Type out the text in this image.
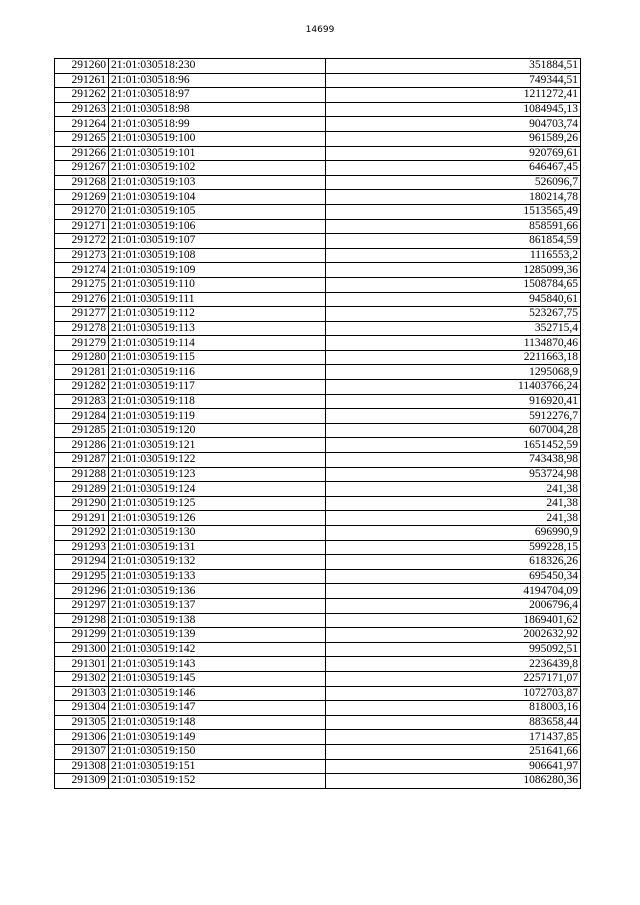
14699
291260	21:01:030518:230	351884,51
291261	21:01:030518:96	749344,51
291262	21:01:030518:97	1211272,41
291263	21:01:030518:98	1084945,13
291264	21:01:030518:99	904703,74
291265	21:01:030519:100	961589,26
291266	21:01:030519:101	920769,61
291267	21:01:030519:102	646467,45
291268	21:01:030519:103	526096,7
291269	21:01:030519:104	180214,78
291270	21:01:030519:105	1513565,49
291271	21:01:030519:106	858591,66
291272	21:01:030519:107	861854,59
291273	21:01:030519:108	1116553,2
291274	21:01:030519:109	1285099,36
291275	21:01:030519:110	1508784,65
291276	21:01:030519:111	945840,61
291277	21:01:030519:112	523267,75
291278	21:01:030519:113	352715,4
291279	21:01:030519:114	1134870,46
291280	21:01:030519:115	2211663,18
291281	21:01:030519:116	1295068,9
291282	21:01:030519:117	11403766,24
291283	21:01:030519:118	916920,41
291284	21:01:030519:119	5912276,7
291285	21:01:030519:120	607004,28
291286	21:01:030519:121	1651452,59
291287	21:01:030519:122	743438,98
291288	21:01:030519:123	953724,98
291289	21:01:030519:124	241,38
291290	21:01:030519:125	241,38
291291	21:01:030519:126	241,38
291292	21:01:030519:130	696990,9
291293	21:01:030519:131	599228,15
291294	21:01:030519:132	618326,26
291295	21:01:030519:133	695450,34
291296	21:01:030519:136	4194704,09
291297	21:01:030519:137	2006796,4
291298	21:01:030519:138	1869401,62
291299	21:01:030519:139	2002632,92
291300	21:01:030519:142	995092,51
291301	21:01:030519:143	2236439,8
291302	21:01:030519:145	2257171,07
291303	21:01:030519:146	1072703,87
291304	21:01:030519:147	818003,16
291305	21:01:030519:148	883658,44
291306	21:01:030519:149	171437,85
291307	21:01:030519:150	251641,66
291308	21:01:030519:151	906641,97
291309	21:01:030519:152	1086280,36
